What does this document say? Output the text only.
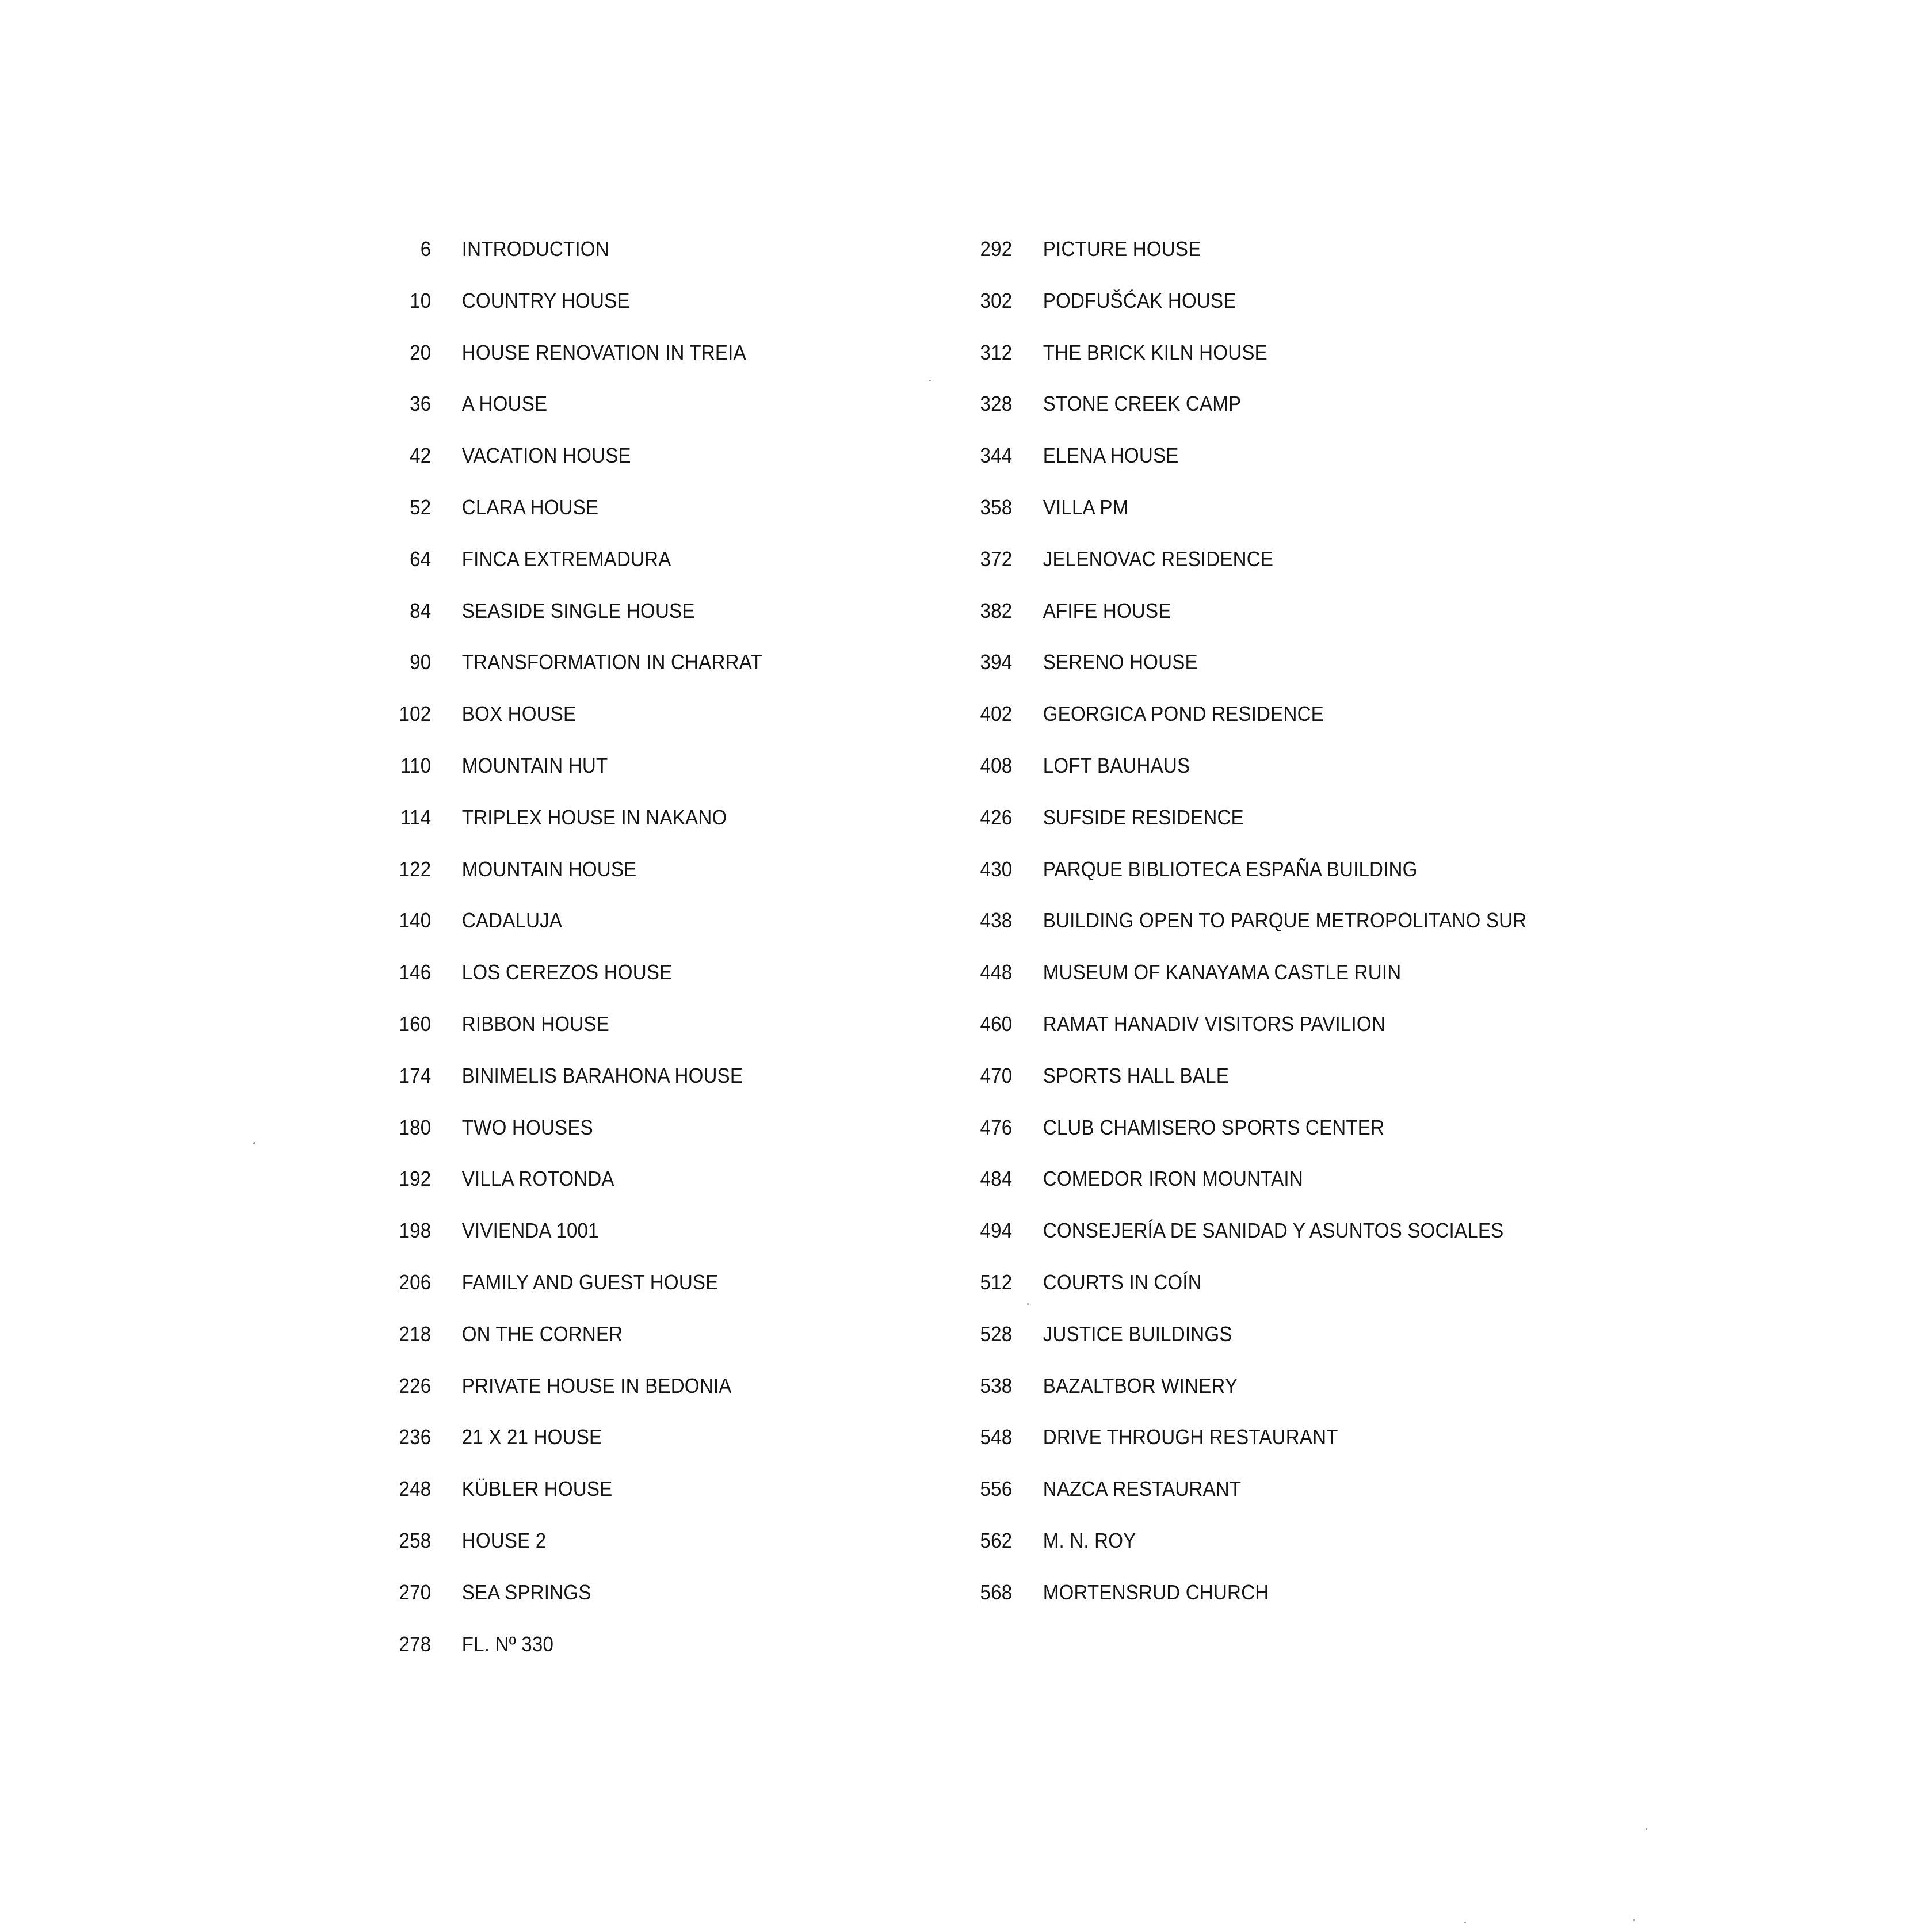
6	INTRODUCTION
10	COUNTRY HOUSE
20	HOUSE RENOVATION IN TREIA
36	A HOUSE
42	VACATION HOUSE
52	CLARA HOUSE
64	FINCA EXTREMADURA
84	SEASIDE SINGLE HOUSE
90	TRANSFORMATION IN CHARRAT
102	BOX HOUSE
110	MOUNTAIN HUT
114	TRIPLEX HOUSE IN NAKANO
122	MOUNTAIN HOUSE
140	CADALUJA
146	LOS CEREZOS HOUSE
160	RIBBON HOUSE
174	BINIMELIS BARAHONA HOUSE
180	TWO HOUSES
192	VILLA ROTONDA
198	VIVIENDA 1001
206	FAMILY AND GUEST HOUSE
218	ON THE CORNER
226	PRIVATE HOUSE IN BEDONIA
236	21 X 21 HOUSE
248	KÜBLER HOUSE
258	HOUSE 2
270	SEA SPRINGS
278	FL. Nº 330
292	PICTURE HOUSE
302	PODFUŠĆAK HOUSE
312	THE BRICK KILN HOUSE
328	STONE CREEK CAMP
344	ELENA HOUSE
358	VILLA PM
372	JELENOVAC RESIDENCE
382	AFIFE HOUSE
394	SERENO HOUSE
402	GEORGICA POND RESIDENCE
408	LOFT BAUHAUS
426	SUFSIDE RESIDENCE
430	PARQUE BIBLIOTECA ESPAÑA BUILDING
438	BUILDING OPEN TO PARQUE METROPOLITANO SUR
448	MUSEUM OF KANAYAMA CASTLE RUIN
460	RAMAT HANADIV VISITORS PAVILION
470	SPORTS HALL BALE
476	CLUB CHAMISERO SPORTS CENTER
484	COMEDOR IRON MOUNTAIN
494	CONSEJERÍA DE SANIDAD Y ASUNTOS SOCIALES
512	COURTS IN COÍN
528	JUSTICE BUILDINGS
538	BAZALTBOR WINERY
548	DRIVE THROUGH RESTAURANT
556	NAZCA RESTAURANT
562	M. N. ROY
568	MORTENSRUD CHURCH
